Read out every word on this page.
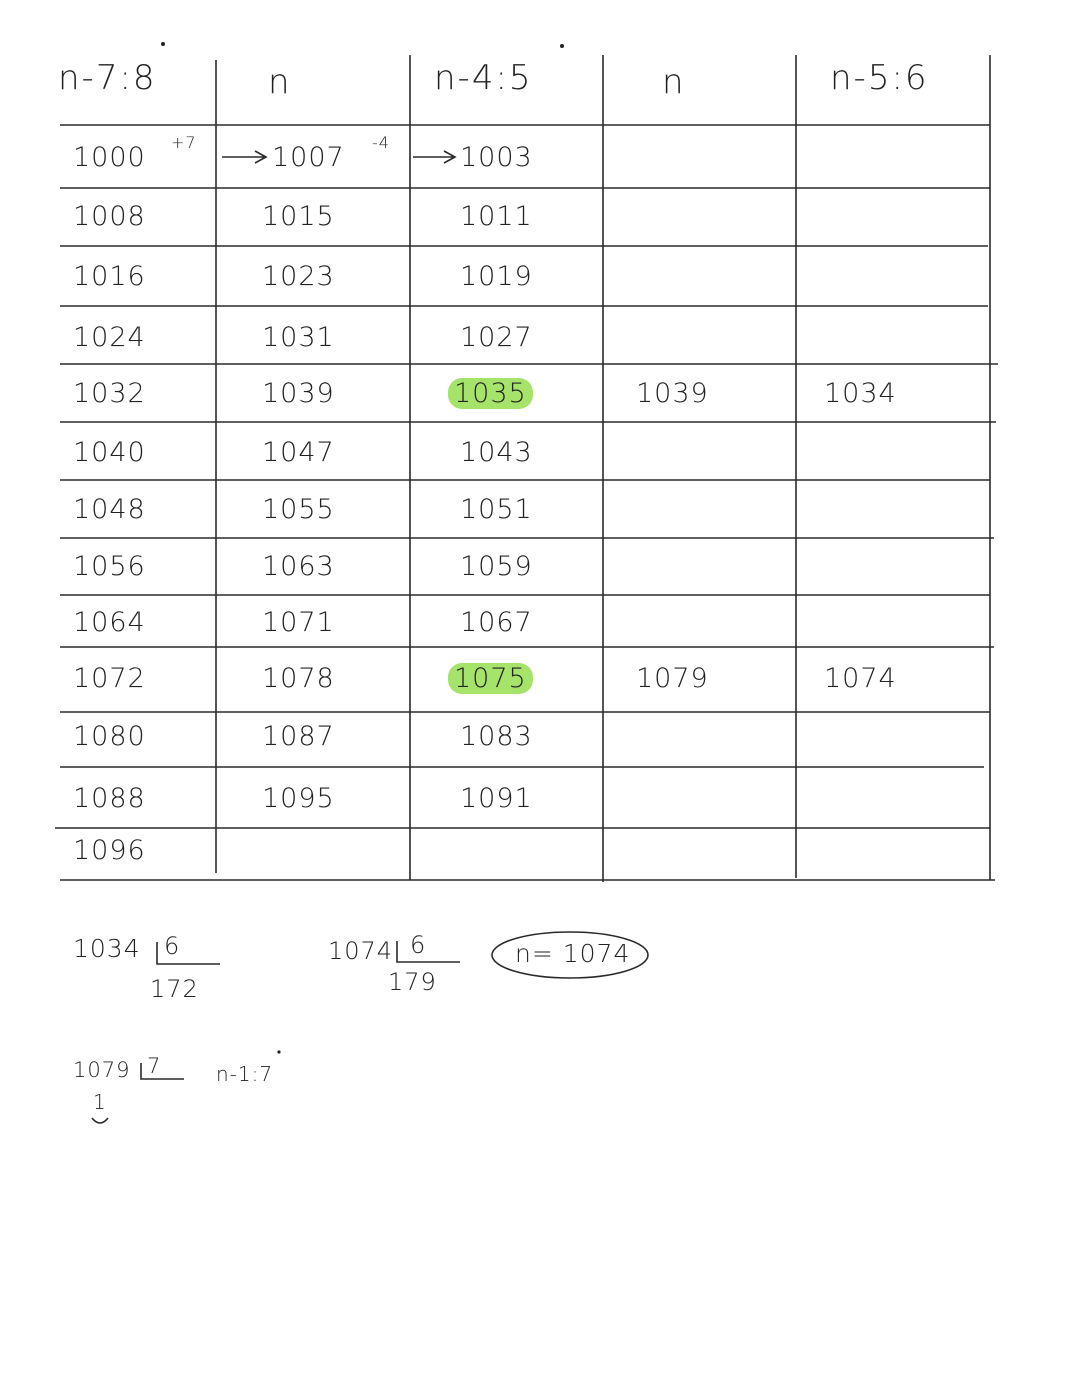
n-7:8	n	n-4:5	n	n-5:6
+7	-4
1000	1007	1003
1008	1015	1011
1016	1023	1019
1024	1031	1027
1032	1039	1035	1039	1034
1040	1047	1043
1048	1055	1051
1056	1063	1059
1064	1071	1067
1072	1078	1075	1079	1074
1080	1087	1083
1088	1095	1091
1096
1034 6
172
1074 6
179
n= 1074
1079 7
1
n-1:7
